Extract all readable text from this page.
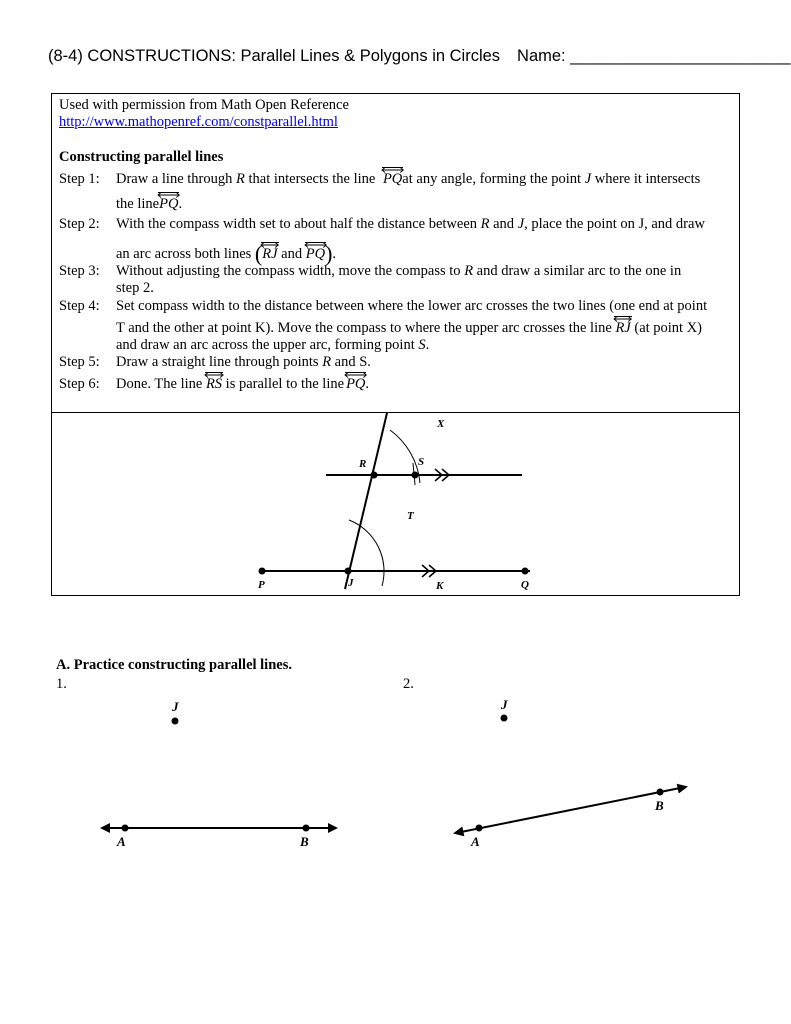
(8-4) CONSTRUCTIONS: Parallel Lines & Polygons in Circles Name: ________________________
Used with permission from Math Open Reference
http://www.mathopenref.com/constparallel.html
Constructing parallel lines
Step 1: Draw a line through R that intersects the line PQ
at any angle, forming the point J where it intersects
the linePQ
.
Step 2: With the compass width set to about half the distance between R and J, place the point on J, and draw
an arc across both lines (RJ
and PQ
).
Step 3: Without adjusting the compass width, move the compass to R and draw a similar arc to the one in
step 2.
Step 4: Set compass width to the distance between where the lower arc crosses the two lines (one end at point
T and the other at point K). Move the compass to where the upper arc crosses the line RJ
(at point X)
and draw an arc across the upper arc, forming point S.
Step 5: Draw a straight line through points R and S.
Step 6: Done. The line RS
is parallel to the line PQ
.
X
R	S
T
P	J	K	Q
A. Practice constructing parallel lines.
1.	2.
J
A	B
J
A
B
